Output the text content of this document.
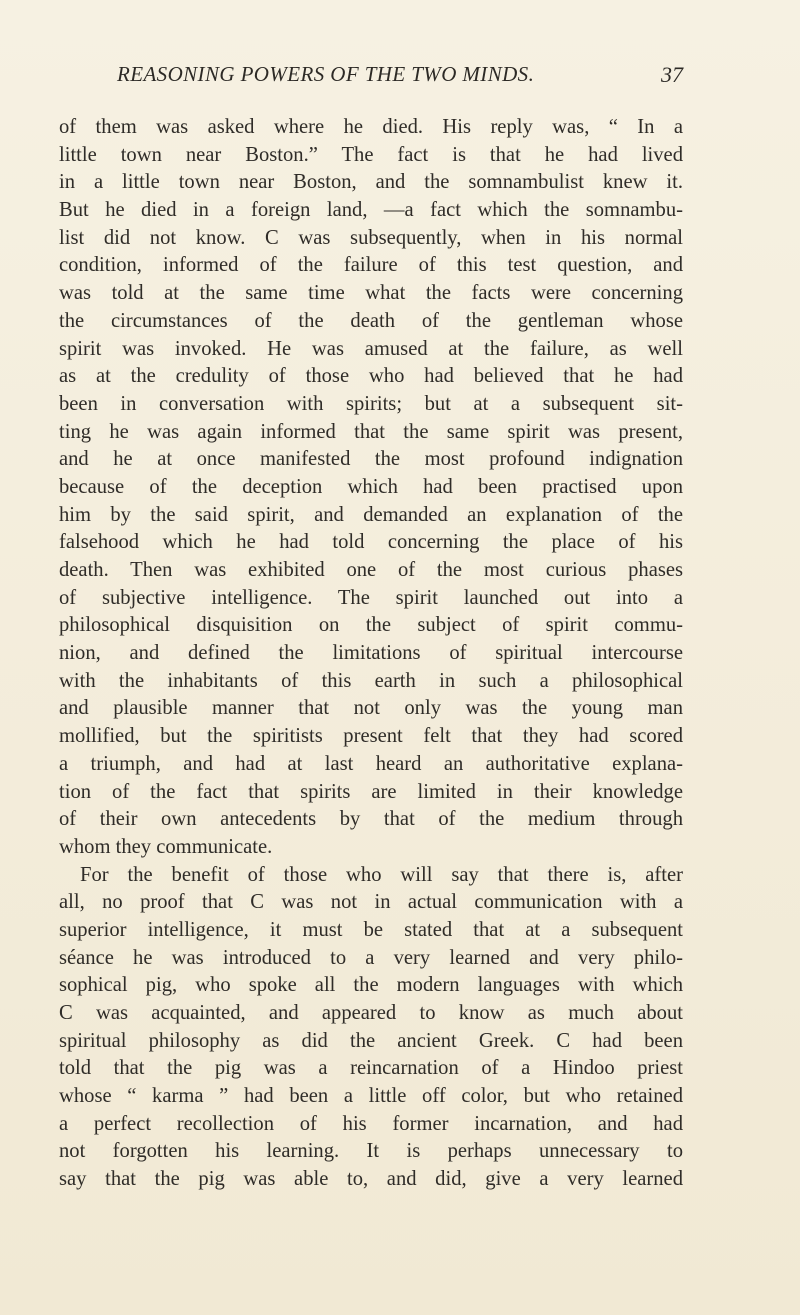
REASONING POWERS OF THE TWO MINDS.	37
of them was asked where he died. His reply was, “ In a
little town near Boston.” The fact is that he had lived
in a little town near Boston, and the somnambulist knew it.
But he died in a foreign land, —a fact which the somnambu-
list did not know. C was subsequently, when in his normal
condition, informed of the failure of this test question, and
was told at the same time what the facts were concerning
the circumstances of the death of the gentleman whose
spirit was invoked. He was amused at the failure, as well
as at the credulity of those who had believed that he had
been in conversation with spirits; but at a subsequent sit-
ting he was again informed that the same spirit was present,
and he at once manifested the most profound indignation
because of the deception which had been practised upon
him by the said spirit, and demanded an explanation of the
falsehood which he had told concerning the place of his
death. Then was exhibited one of the most curious phases
of subjective intelligence. The spirit launched out into a
philosophical disquisition on the subject of spirit commu-
nion, and defined the limitations of spiritual intercourse
with the inhabitants of this earth in such a philosophical
and plausible manner that not only was the young man
mollified, but the spiritists present felt that they had scored
a triumph, and had at last heard an authoritative explana-
tion of the fact that spirits are limited in their knowledge
of their own antecedents by that of the medium through
whom they communicate.
For the benefit of those who will say that there is, after
all, no proof that C was not in actual communication with a
superior intelligence, it must be stated that at a subsequent
séance he was introduced to a very learned and very philo-
sophical pig, who spoke all the modern languages with which
C was acquainted, and appeared to know as much about
spiritual philosophy as did the ancient Greek. C had been
told that the pig was a reincarnation of a Hindoo priest
whose “ karma ” had been a little off color, but who retained
a perfect recollection of his former incarnation, and had
not forgotten his learning. It is perhaps unnecessary to
say that the pig was able to, and did, give a very learned
